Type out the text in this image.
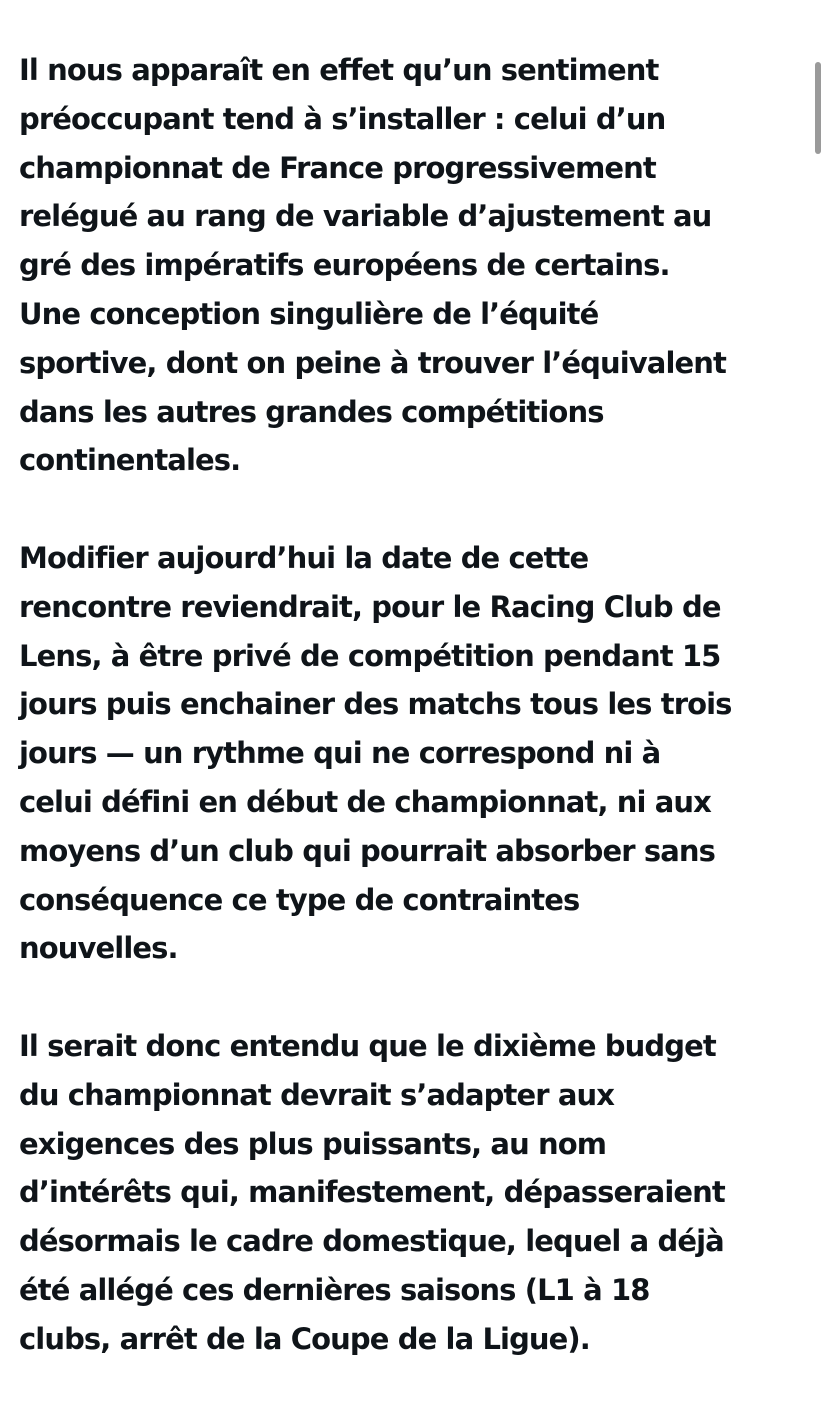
Il nous apparaît en effet qu’un sentiment
préoccupant tend à s’installer : celui d’un
championnat de France progressivement
relégué au rang de variable d’ajustement au
gré des impératifs européens de certains.
Une conception singulière de l’équité
sportive, dont on peine à trouver l’équivalent
dans les autres grandes compétitions
continentales.
Modifier aujourd’hui la date de cette
rencontre reviendrait, pour le Racing Club de
Lens, à être privé de compétition pendant 15
jours puis enchainer des matchs tous les trois
jours — un rythme qui ne correspond ni à
celui défini en début de championnat, ni aux
moyens d’un club qui pourrait absorber sans
conséquence ce type de contraintes
nouvelles.
Il serait donc entendu que le dixième budget
du championnat devrait s’adapter aux
exigences des plus puissants, au nom
d’intérêts qui, manifestement, dépasseraient
désormais le cadre domestique, lequel a déjà
été allégé ces dernières saisons (L1 à 18
clubs, arrêt de la Coupe de la Ligue).
